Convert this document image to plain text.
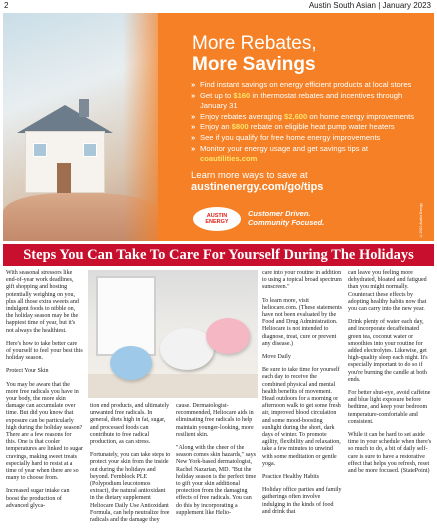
2	Austin South Asian | January 2023
More Rebates,
More Savings
» Find instant savings on energy efficient products at local stores
» Get up to $160 in thermostat rebates and incentives through January 31
» Enjoy rebates averaging $2,600 on home energy improvements
» Enjoy an $800 rebate on eligible heat pump water heaters
» See if you qualify for free home energy improvements
» Monitor your energy usage and get savings tips at coautilities.com
Learn more ways to save at
austinenergy.com/go/tips
AUSTIN
ENERGY
Customer Driven.
Community Focused.	©2022 Austin Energy
Steps You Can Take To Care For Yourself During The Holidays

With seasonal stressors like end-of-year work deadlines, gift shopping and hosting potentially weighing on you, plus all those extra sweets and indulgent foods to nibble on, the holiday season may be the happiest time of year, but it's not always the healthiest.

Here's how to take better care of yourself to feel your best this holiday season.

Protect Your Skin

You may be aware that the more free radicals you have in your body, the more skin damage can accumulate over time. But did you know that exposure can be particularly high during the holiday season? There are a few reasons for this. One is that cooler temperatures are linked to sugar cravings, making sweet treats especially hard to resist at a time of year when there are so many to choose from.

Increased sugar intake can boost the production of advanced glyca-

tion end products, and ultimately unwanted free radicals. In general, diets high in fat, sugar, and processed foods can contribute to free radical production, as can stress.

Fortunately, you can take steps to protect your skin from the inside out during the holidays and beyond. Fernblock PLE (Polypodium leucotomos extract), the natural antioxidant in the dietary supplement Heliocare Daily Use Antioxidant Formula, can help neutralize free radicals and the damage they

cause. Dermatologist-recommended, Heliocare aids in eliminating free radicals to help maintain younger-looking, more resilient skin.

"Along with the cheer of the season comes skin hazards," says New York-based dermatologist, Rachel Nazarian, MD. "But the holiday season is the perfect time to gift your skin additional protection from the damaging effects of free radicals. You can do this by incorporating a supplement like Helio-

care into your routine in addition to using a topical broad spectrum sunscreen."

To learn more, visit heliocare.com. (These statements have not been evaluated by the Food and Drug Administration. Heliocare is not intended to diagnose, treat, cure or prevent any disease.)

Move Daily

Be sure to take time for yourself each day to receive the combined physical and mental health benefits of movement. Head outdoors for a morning or afternoon walk to get some fresh air, improved blood circulation and some mood-boosting sunlight during the short, dark days of winter. To promote agility, flexibility and relaxation, take a few minutes to unwind with some meditation or gentle yoga.

Practice Healthy Habits

Holiday office parties and family gatherings often involve indulging in the kinds of food and drink that

can leave you feeling more dehydrated, bloated and fatigued than you might normally. Counteract these effects by adopting healthy habits now that you can carry into the new year.

Drink plenty of water each day, and incorporate decaffeinated green tea, coconut water or smoothies into your routine for added electrolytes. Likewise, get high-quality sleep each night. It's especially important to do so if you're burning the candle at both ends.

For better shut-eye, avoid caffeine and blue light exposure before bedtime, and keep your bedroom temperature-comfortable and consistent.

While it can be hard to set aside time in your schedule when there's so much to do, a bit of daily self-care is sure to have a restorative effect that helps you refresh, reset and be more focused. (StatePoint)
